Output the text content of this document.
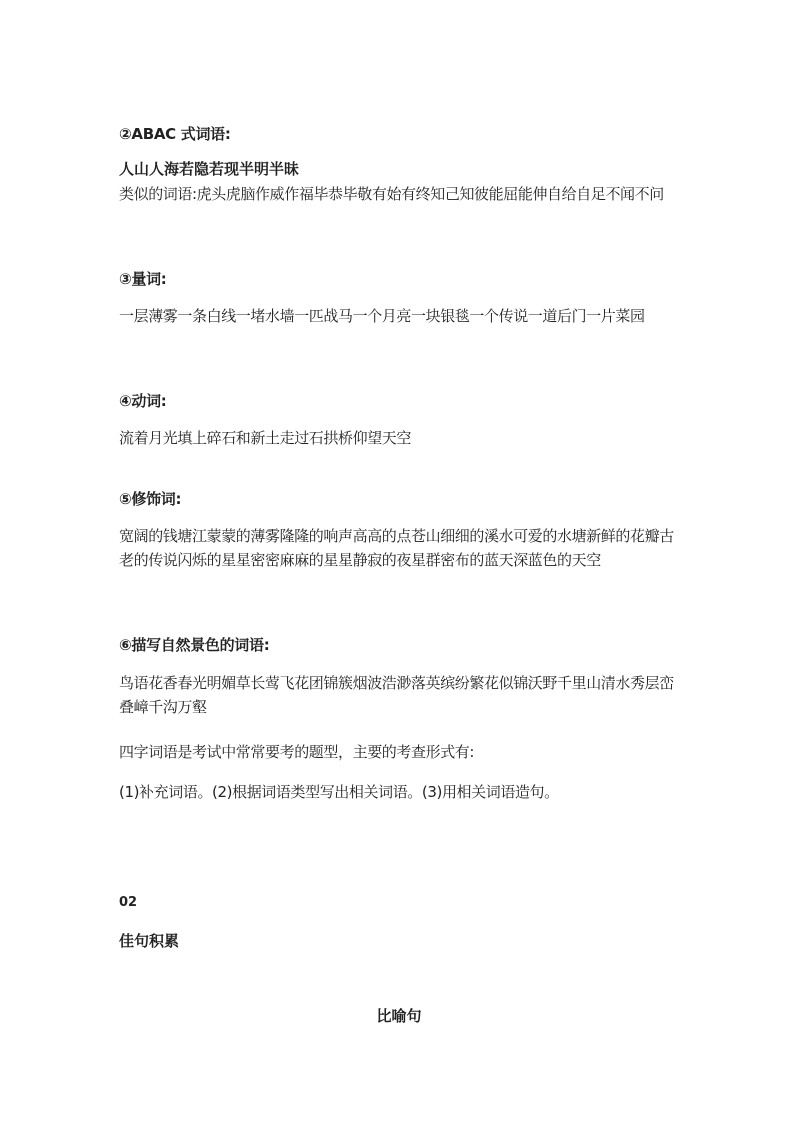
②ABAC 式词语:
人山人海若隐若现半明半昧
类似的词语:虎头虎脑作威作福毕恭毕敬有始有终知己知彼能屈能伸自给自足不闻不问
③量词:
一层薄雾一条白线一堵水墙一匹战马一个月亮一块银毯一个传说一道后门一片菜园
④动词:
流着月光填上碎石和新土走过石拱桥仰望天空
⑤修饰词:
宽阔的钱塘江蒙蒙的薄雾隆隆的响声高高的点苍山细细的溪水可爱的水塘新鲜的花瓣古老的传说闪烁的星星密密麻麻的星星静寂的夜星群密布的蓝天深蓝色的天空
⑥描写自然景色的词语:
鸟语花香春光明媚草长莺飞花团锦簇烟波浩渺落英缤纷繁花似锦沃野千里山清水秀层峦叠嶂千沟万壑
四字词语是考试中常常要考的题型，主要的考查形式有:
(1)补充词语。(2)根据词语类型写出相关词语。(3)用相关词语造句。
02
佳句积累
比喻句
